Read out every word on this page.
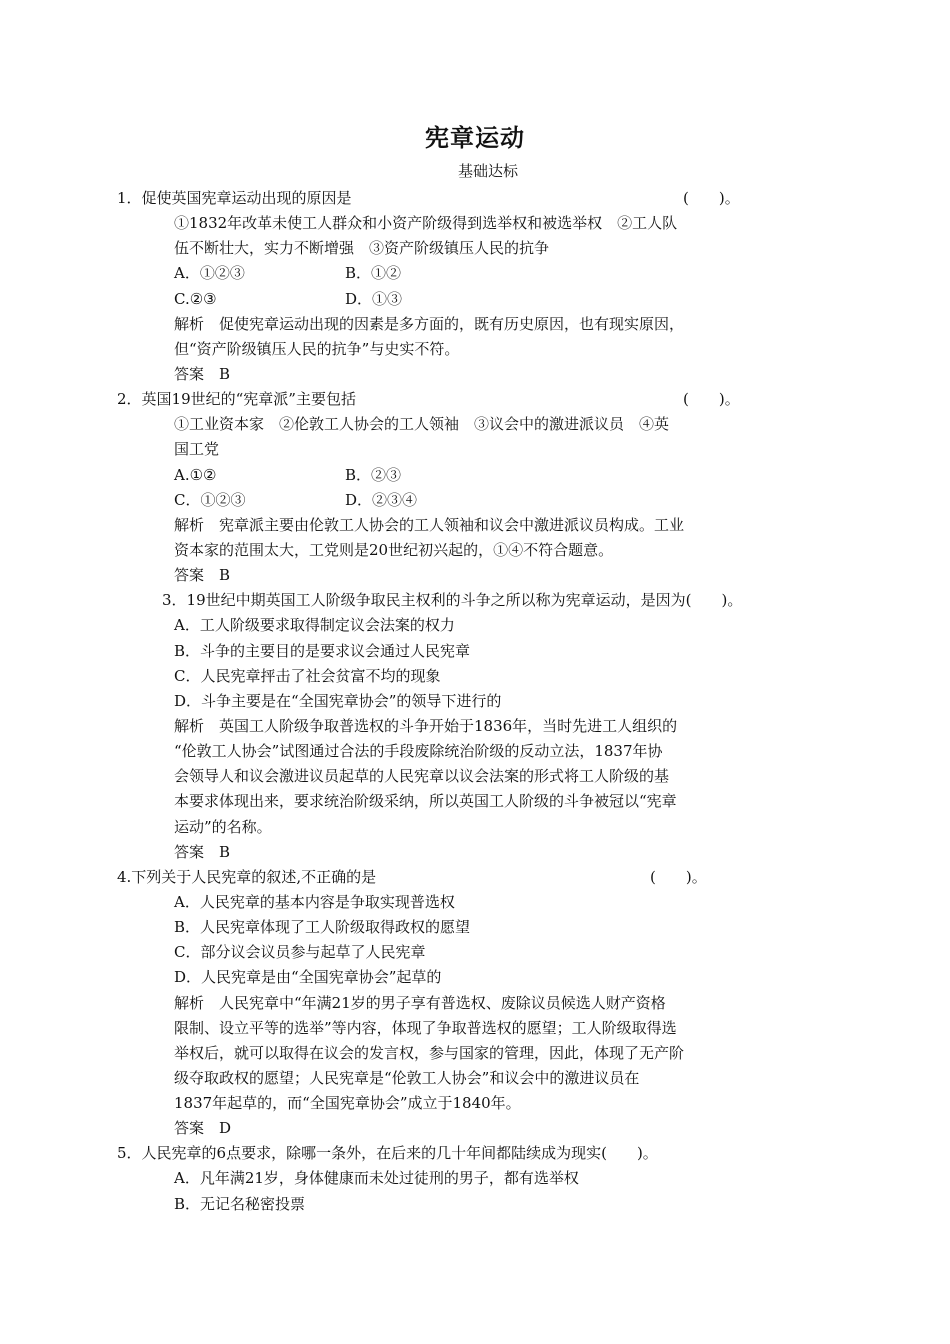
宪章运动
基础达标
1．促使英国宪章运动出现的原因是	(　　)。
①1832年改革未使工人群众和小资产阶级得到选举权和被选举权　②工人队
伍不断壮大，实力不断增强　③资产阶级镇压人民的抗争
A．①②③	B．①②
C.②③	D．①③
解析　促使宪章运动出现的因素是多方面的，既有历史原因，也有现实原因，
但“资产阶级镇压人民的抗争”与史实不符。
答案　B
2．英国19世纪的“宪章派”主要包括	(　　)。
①工业资本家　②伦敦工人协会的工人领袖　③议会中的激进派议员　④英
国工党
A.①②	B．②③
C．①②③	D．②③④
解析　宪章派主要由伦敦工人协会的工人领袖和议会中激进派议员构成。工业
资本家的范围太大，工党则是20世纪初兴起的，①④不符合题意。
答案　B
3．19世纪中期英国工人阶级争取民主权利的斗争之所以称为宪章运动，是因为(　　)。
A．工人阶级要求取得制定议会法案的权力
B．斗争的主要目的是要求议会通过人民宪章
C．人民宪章抨击了社会贫富不均的现象
D．斗争主要是在“全国宪章协会”的领导下进行的
解析　英国工人阶级争取普选权的斗争开始于1836年，当时先进工人组织的
“伦敦工人协会”试图通过合法的手段废除统治阶级的反动立法，1837年协
会领导人和议会激进议员起草的人民宪章以议会法案的形式将工人阶级的基
本要求体现出来，要求统治阶级采纳，所以英国工人阶级的斗争被冠以“宪章
运动”的名称。
答案　B
4.下列关于人民宪章的叙述,不正确的是	(　　)。
A．人民宪章的基本内容是争取实现普选权
B．人民宪章体现了工人阶级取得政权的愿望
C．部分议会议员参与起草了人民宪章
D．人民宪章是由“全国宪章协会”起草的
解析　人民宪章中“年满21岁的男子享有普选权、废除议员候选人财产资格
限制、设立平等的选举”等内容，体现了争取普选权的愿望；工人阶级取得选
举权后，就可以取得在议会的发言权，参与国家的管理，因此，体现了无产阶
级夺取政权的愿望；人民宪章是“伦敦工人协会”和议会中的激进议员在
1837年起草的，而“全国宪章协会”成立于1840年。
答案　D
5．人民宪章的6点要求，除哪一条外，在后来的几十年间都陆续成为现实(　　)。
A．凡年满21岁，身体健康而未处过徒刑的男子，都有选举权
B．无记名秘密投票
